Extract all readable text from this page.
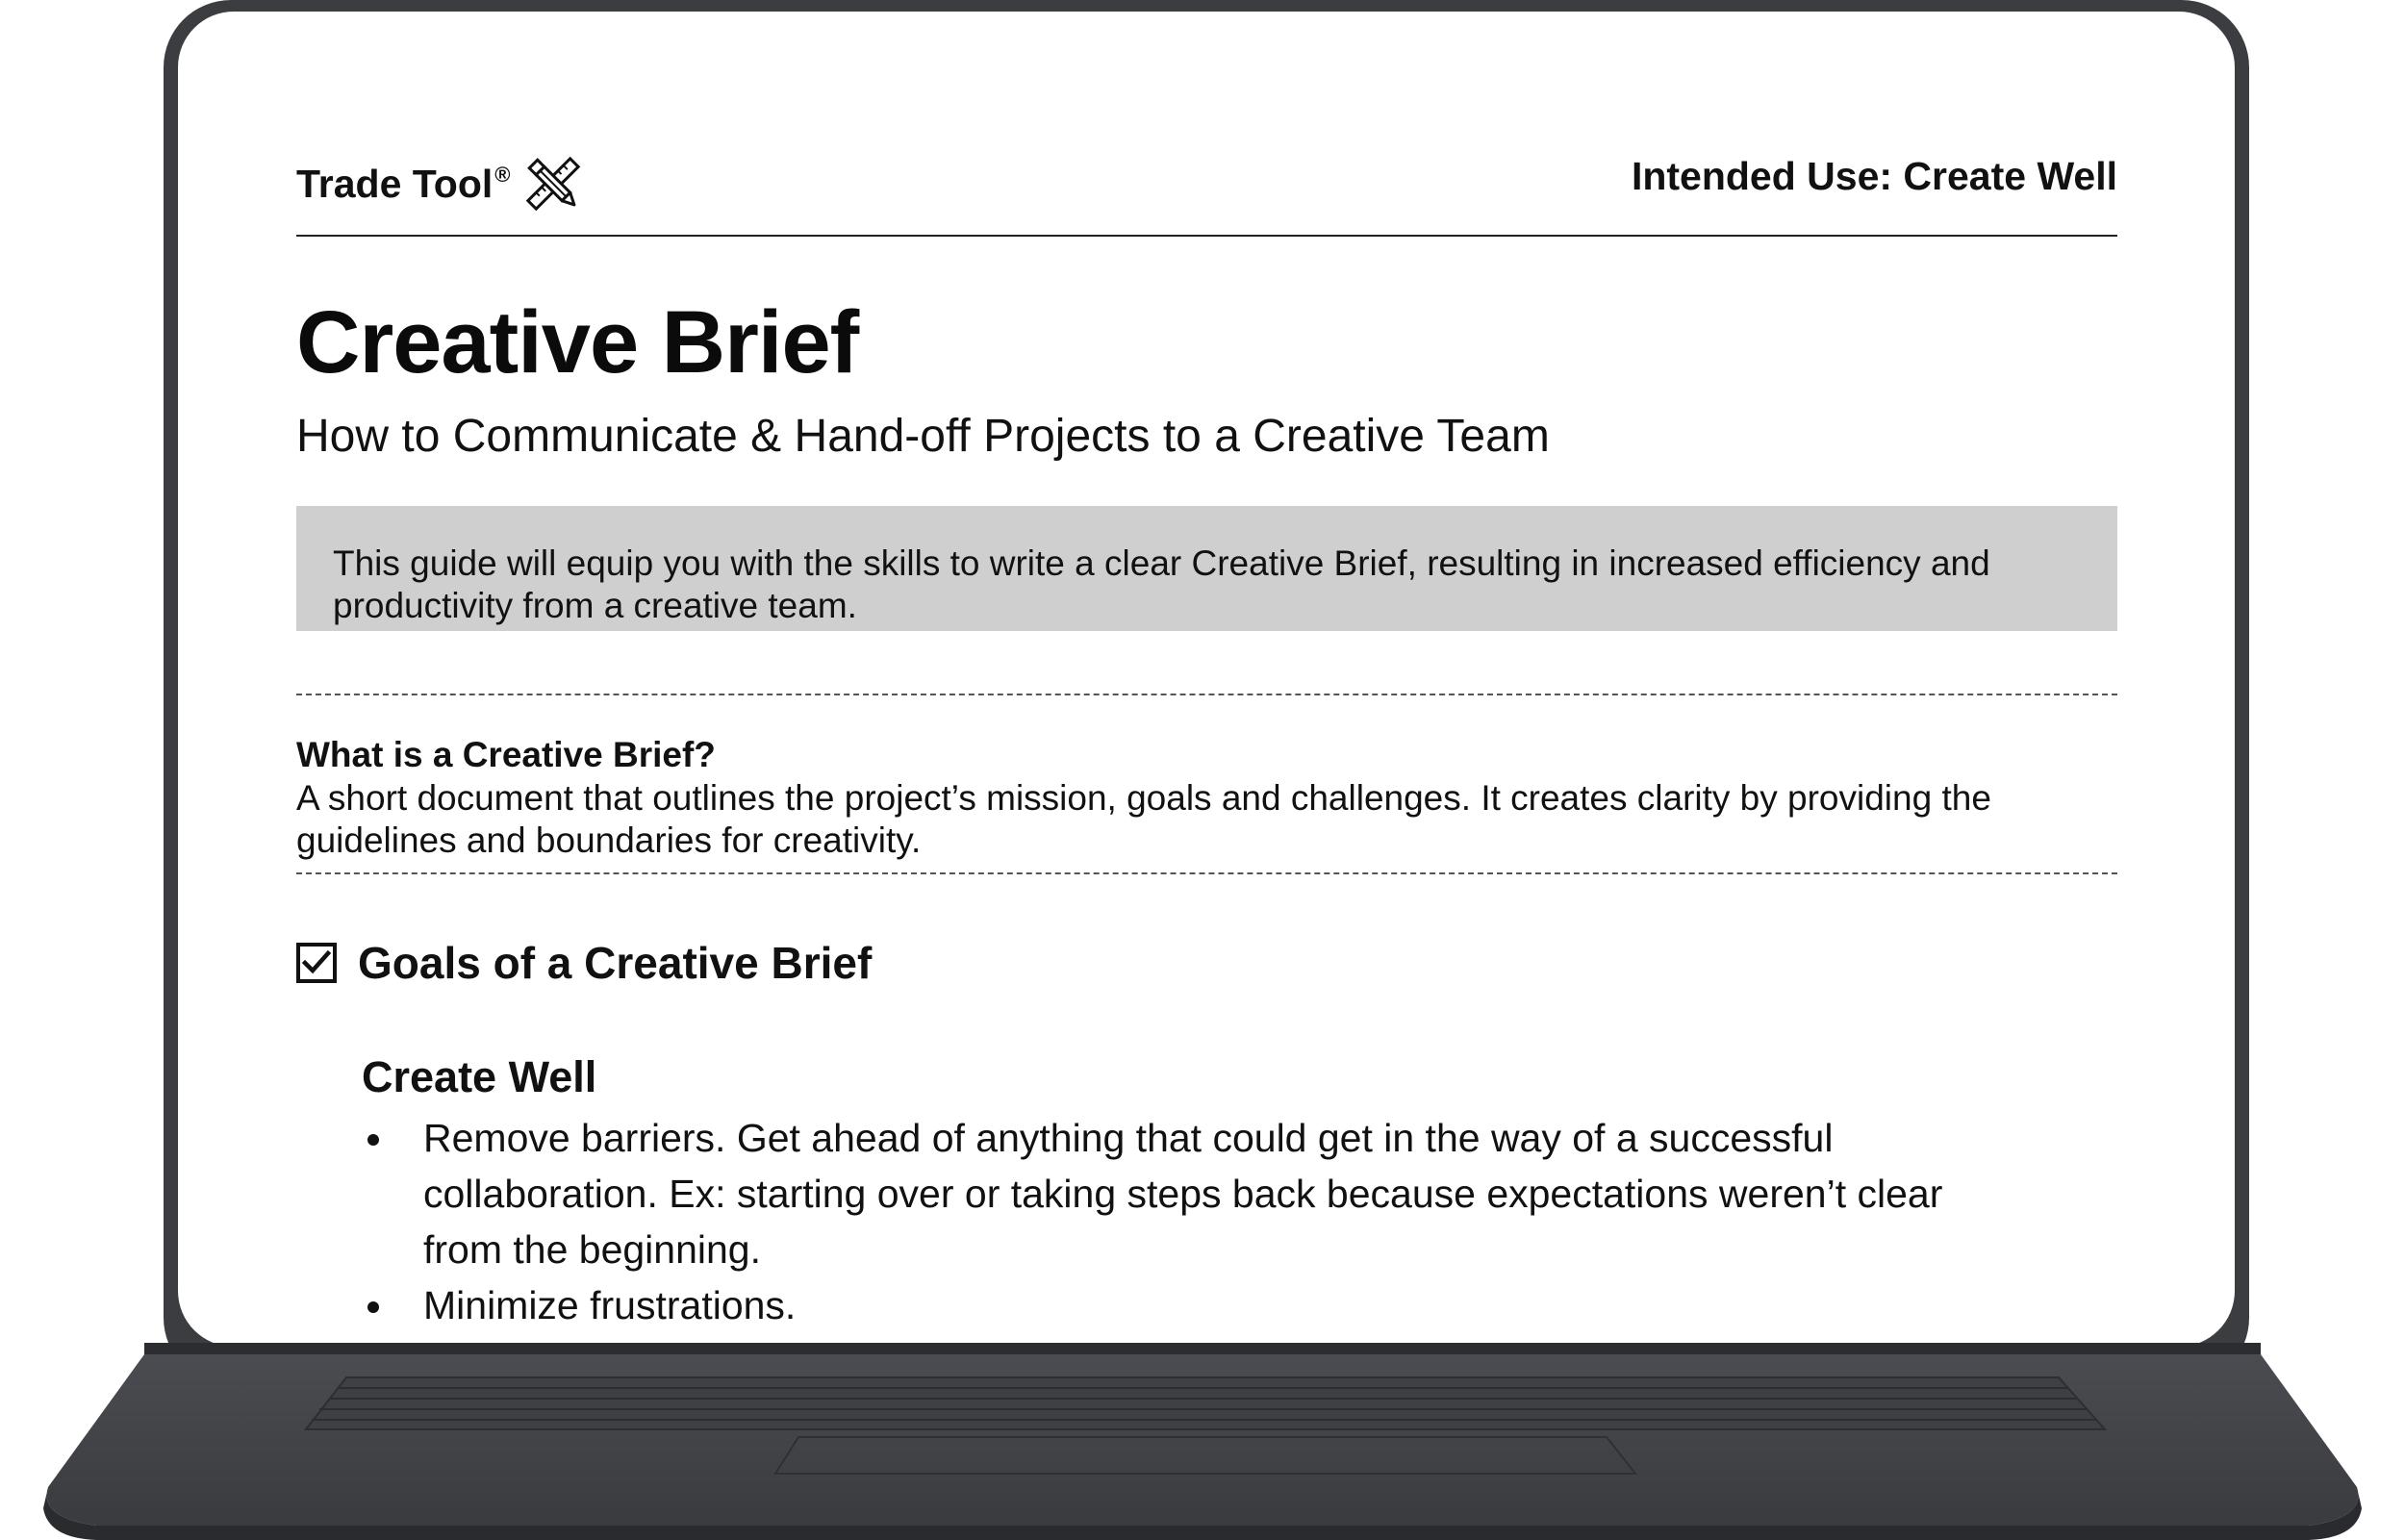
Trade Tool ®	Intended Use: Create Well
Creative Brief
How to Communicate & Hand-off Projects to a Creative Team
This guide will equip you with the skills to write a clear Creative Brief, resulting in increased efficiency and productivity from a creative team.
What is a Creative Brief?

A short document that outlines the project’s mission, goals and challenges. It creates clarity by providing the guidelines and boundaries for creativity.

Goals of a Creative Brief
Create Well
Remove barriers. Get ahead of anything that could get in the way of a successful collaboration. Ex: starting over or taking steps back because expectations weren’t clear from the beginning.
Minimize frustrations.
